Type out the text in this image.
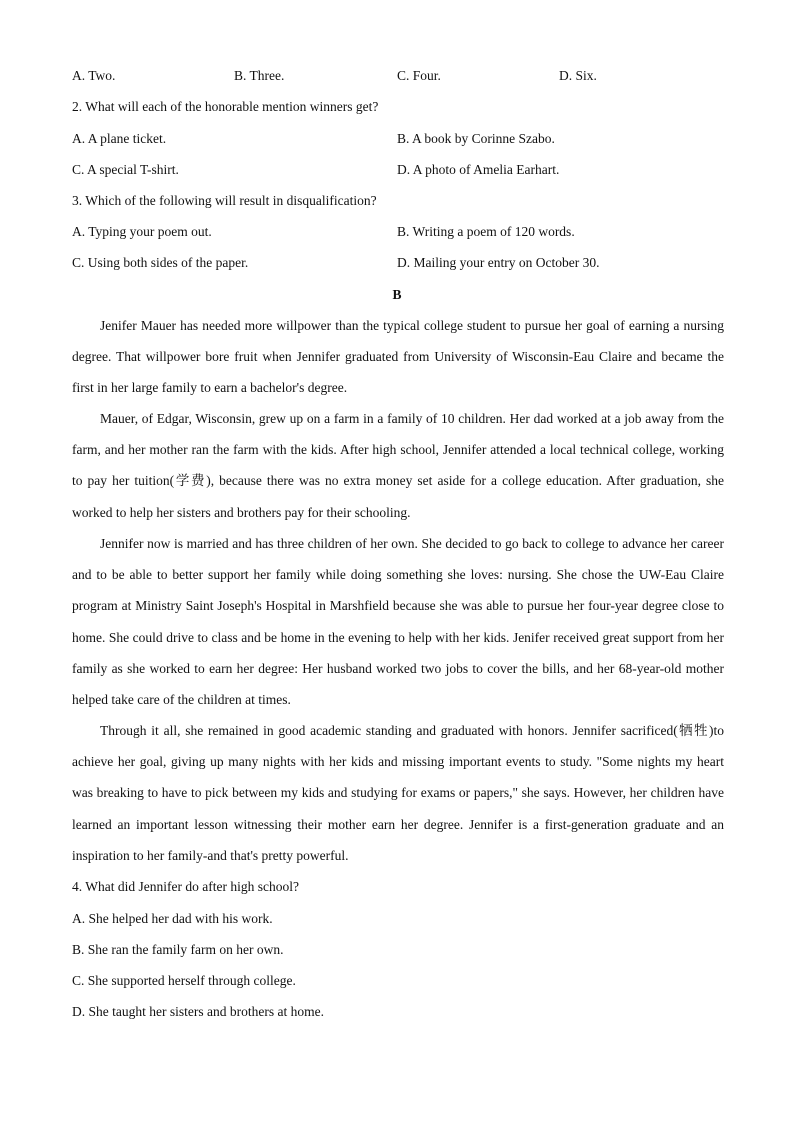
A. Two.	B. Three.	C. Four.	D. Six.
2. What will each of the honorable mention winners get?
A. A plane ticket.	B. A book by Corinne Szabo.
C. A special T-shirt.	D. A photo of Amelia Earhart.
3. Which of the following will result in disqualification?
A. Typing your poem out.	B. Writing a poem of 120 words.
C. Using both sides of the paper.	D. Mailing your entry on October 30.
B
Jenifer Mauer has needed more willpower than the typical college student to pursue her goal of earning a nursing degree. That willpower bore fruit when Jennifer graduated from University of Wisconsin-Eau Claire and became the first in her large family to earn a bachelor's degree.
Mauer, of Edgar, Wisconsin, grew up on a farm in a family of 10 children. Her dad worked at a job away from the farm, and her mother ran the farm with the kids. After high school, Jennifer attended a local technical college, working to pay her tuition(学费), because there was no extra money set aside for a college education. After graduation, she worked to help her sisters and brothers pay for their schooling.
Jennifer now is married and has three children of her own. She decided to go back to college to advance her career and to be able to better support her family while doing something she loves: nursing. She chose the UW-Eau Claire program at Ministry Saint Joseph's Hospital in Marshfield because she was able to pursue her four-year degree close to home. She could drive to class and be home in the evening to help with her kids. Jenifer received great support from her family as she worked to earn her degree: Her husband worked two jobs to cover the bills, and her 68-year-old mother helped take care of the children at times.
Through it all, she remained in good academic standing and graduated with honors. Jennifer sacrificed(牺牲)to achieve her goal, giving up many nights with her kids and missing important events to study. "Some nights my heart was breaking to have to pick between my kids and studying for exams or papers," she says. However, her children have learned an important lesson witnessing their mother earn her degree. Jennifer is a first-generation graduate and an inspiration to her family-and that's pretty powerful.
4. What did Jennifer do after high school?
A. She helped her dad with his work.
B. She ran the family farm on her own.
C. She supported herself through college.
D. She taught her sisters and brothers at home.
